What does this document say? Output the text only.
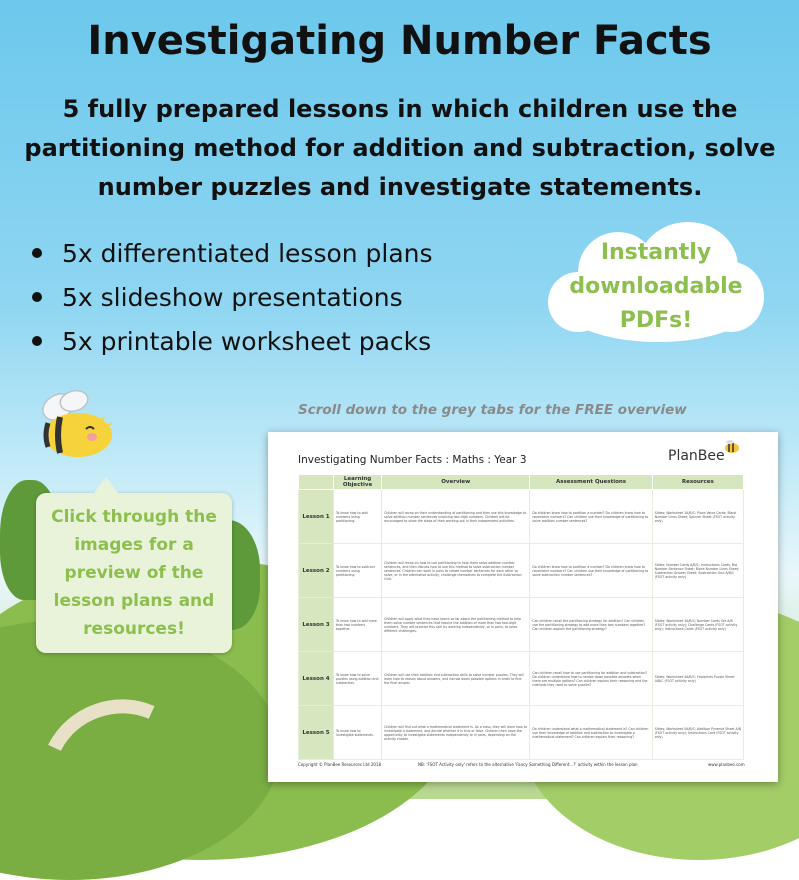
Investigating Number Facts

5 fully prepared lessons in which children use the partitioning method for addition and subtraction, solve number puzzles and investigate statements.

5x differentiated lesson plans
5x slideshow presentations
5x printable worksheet packs
Instantly
downloadable
PDFs!
Click through the images for a preview of the lesson plans and resources!
Scroll down to the grey tabs for the FREE overview
Investigating Number Facts : Maths : Year 3	PlanBee
	Learning Objective	Overview	Assessment Questions	Resources
Lesson 1	To know how to add numbers using partitioning.	Children will recap on their understanding of partitioning and then use this knowledge to solve addition number sentences involving two-digit numbers. Children will be encouraged to show the steps of their working out in their independent activities.	Do children know how to partition a number? Do children know how to recombine numbers? Can children use their knowledge of partitioning to solve addition number sentences?	Slides; Worksheet 1A/B/C; Place Value Cards; Blank Number Lines Sheet; Spinner Sheet (FSOT activity only)
Lesson 2	To know how to subtract numbers using partitioning.	Children will recap on how to use partitioning to help them solve addition number sentences, and then discuss how to use this method to solve subtraction number sentences. Children can work in pairs to create number sentences for each other to solve, or in the alternative activity, challenge themselves to complete the Subtraction Grid.	Do children know how to partition a number? Do children know how to recombine numbers? Can children use their knowledge of partitioning to solve subtraction number sentences?	Slides; Number Cards A/B/C; Instructions Cards; Big Number Sentence Sheet; Blank Number Lines Sheet; Subtraction Answer Sheet; Subtraction Grid A/B/C (FSOT activity only)
Lesson 3	To know how to add more than two numbers together.	Children will apply what they have learnt so far about the partitioning method to help them solve number sentences that require the addition of more than two two-digit numbers. They will practise this skill by working independently, or in pairs, to solve different challenges.	Can children recall the partitioning strategy for addition? Can children use the partitioning strategy to add more than two numbers together? Can children explain the partitioning strategy?	Slides; Worksheet 3A/B/C; Number Cards Set A/B (FSOT activity only); Challenge Cards (FSOT activity only); Instructions Cards (FSOT activity only)
Lesson 4	To know how to solve puzzles using addition and subtraction.	Children will use their addition and subtraction skills to solve number puzzles. They will learn how to reason about answers, and narrow down possible options in order to find the final answer.	Can children recall how to use partitioning for addition and subtraction? Do children understand how to narrow down possible answers when there are multiple options? Can children explain their reasoning and the methods they used to solve puzzles?	Slides; Worksheet 4A/B/C; Footprints Puzzle Sheet A/B/C (FSOT activity only)
Lesson 5	To know how to investigate statements.	Children will find out what a mathematical statement is. As a class, they will learn how to investigate a statement, and decide whether it is true or false. Children then have the opportunity to investigate statements independently or in pairs, depending on the activity chosen.	Do children understand what a mathematical statement is? Can children use their knowledge of addition and subtraction to investigate a mathematical statement? Can children explain their reasoning?	Slides; Worksheet 5A/B/C; Addition Pyramid Sheet A/B (FSOT activity only); Instructions Card (FSOT activity only)
Copyright © PlanBee Resources Ltd 2018	NB: 'FSOT Activity only' refers to the alternative 'Fancy Something Different...?' activity within the lesson plan	www.planbee.com
